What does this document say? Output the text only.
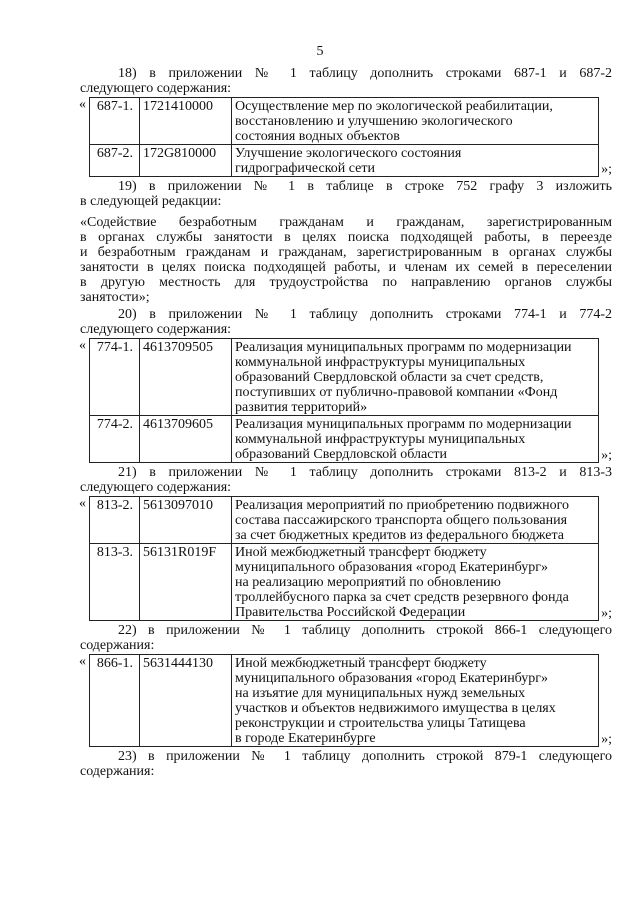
5
18) в приложении № 1 таблицу дополнить строками 687-1 и 687-2
следующего содержания:
« 687-1.	1721410000	Осуществление мер по экологической реабилитации,
восстановлению и улучшению экологического
состояния водных объектов

687-2.	172G810000	Улучшение экологического состояния
гидрографической сети	»;
19) в приложении № 1 в таблице в строке 752 графу 3 изложить
в следующей редакции:
«Содействие безработным гражданам и гражданам, зарегистрированным
в органах службы занятости в целях поиска подходящей работы, в переезде
и безработным гражданам и гражданам, зарегистрированным в органах службы
занятости в целях поиска подходящей работы, и членам их семей в переселении
в другую местность для трудоустройства по направлению органов службы
занятости»;
20) в приложении № 1 таблицу дополнить строками 774-1 и 774-2
следующего содержания:
« 774-1.	4613709505	Реализация муниципальных программ по модернизации
коммунальной инфраструктуры муниципальных
образований Свердловской области за счет средств,
поступивших от публично-правовой компании «Фонд
развития территорий»

774-2.	4613709605	Реализация муниципальных программ по модернизации
коммунальной инфраструктуры муниципальных
образований Свердловской области	»;
21) в приложении № 1 таблицу дополнить строками 813-2 и 813-3
следующего содержания:
« 813-2.	5613097010	Реализация мероприятий по приобретению подвижного
состава пассажирского транспорта общего пользования
за счет бюджетных кредитов из федерального бюджета

813-3.	56131R019F	Иной межбюджетный трансферт бюджету
муниципального образования «город Екатеринбург»
на реализацию мероприятий по обновлению
троллейбусного парка за счет средств резервного фонда
Правительства Российской Федерации	»;
22) в приложении № 1 таблицу дополнить строкой 866-1 следующего
содержания:
« 866-1.	5631444130	Иной межбюджетный трансферт бюджету
муниципального образования «город Екатеринбург»
на изъятие для муниципальных нужд земельных
участков и объектов недвижимого имущества в целях
реконструкции и строительства улицы Татищева
в городе Екатеринбурге	»;
23) в приложении № 1 таблицу дополнить строкой 879-1 следующего
содержания:
